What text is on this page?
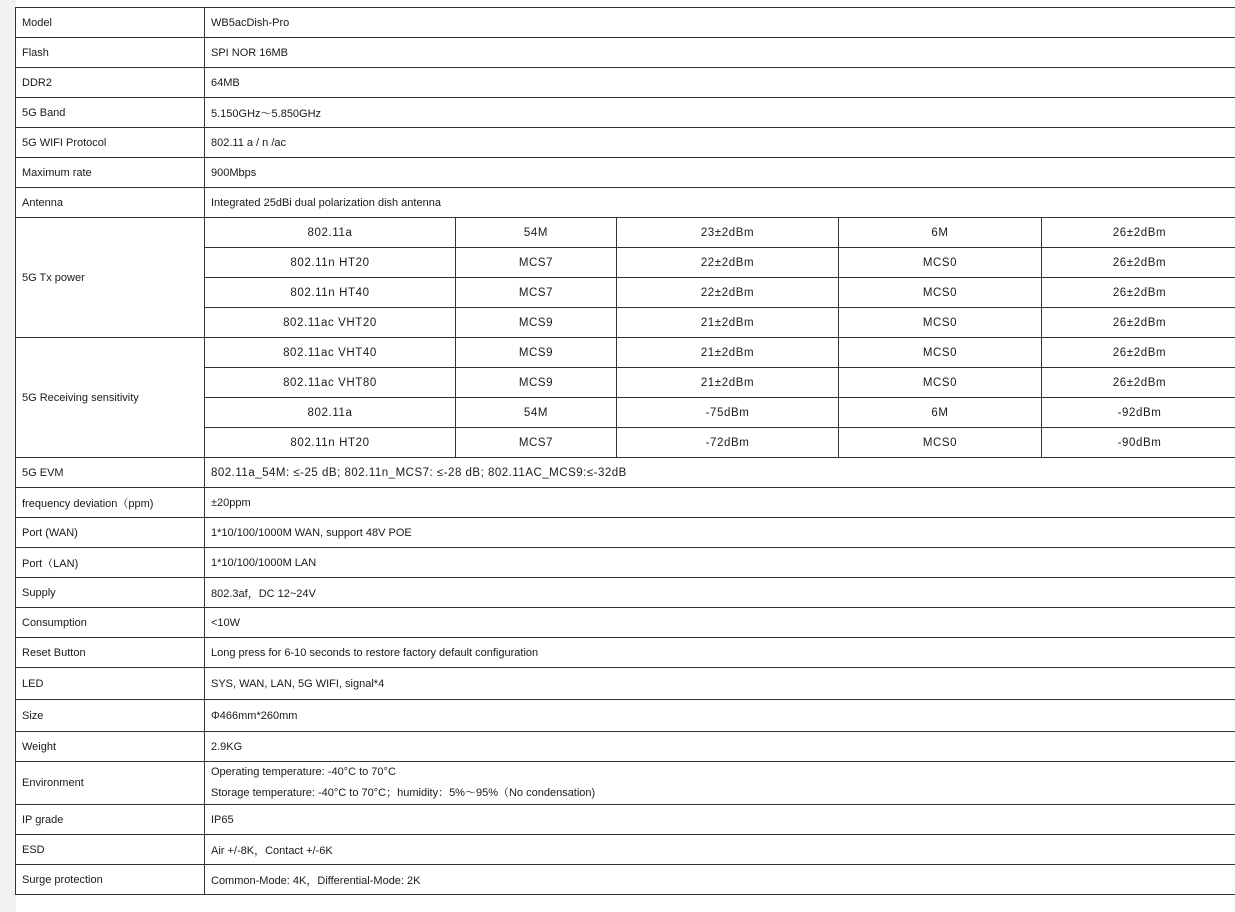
Model	WB5acDish-Pro				
Flash	SPI NOR 16MB				
DDR2	64MB				
5G Band	5.150GHz～5.850GHz				
5G WIFI Protocol	802.11 a / n /ac				
Maximum rate	900Mbps				
Antenna	Integrated 25dBi dual polarization dish antenna				
5G Tx power	802.11a	54M	23±2dBm	6M	26±2dBm
	802.11n HT20	MCS7	22±2dBm	MCS0	26±2dBm
	802.11n HT40	MCS7	22±2dBm	MCS0	26±2dBm
	802.11ac VHT20	MCS9	21±2dBm	MCS0	26±2dBm
5G Receiving sensitivity	802.11ac VHT40	MCS9	21±2dBm	MCS0	26±2dBm
	802.11ac VHT80	MCS9	21±2dBm	MCS0	26±2dBm
	802.11a	54M	-75dBm	6M	-92dBm
	802.11n HT20	MCS7	-72dBm	MCS0	-90dBm
5G EVM	802.11a_54M: ≤-25 dB; 802.11n_MCS7: ≤-28 dB; 802.11AC_MCS9:≤-32dB				
frequency deviation（ppm)	±20ppm				
Port (WAN)	1*10/100/1000M WAN, support 48V POE				
Port（LAN)	1*10/100/1000M LAN				
Supply	802.3af，DC 12~24V				
Consumption	<10W				
Reset Button	Long press for 6-10 seconds to restore factory default configuration				
LED	SYS, WAN, LAN, 5G WIFI, signal*4				
Size	Φ466mm*260mm				
Weight	2.9KG				
Environment	Operating temperature: -40°C to 70°C
Storage temperature: -40°C to 70°C；humidity：5%～95%（No condensation)				

IP grade	IP65				
ESD	Air +/-8K，Contact +/-6K				
Surge protection	Common-Mode: 4K，Differential-Mode: 2K				
